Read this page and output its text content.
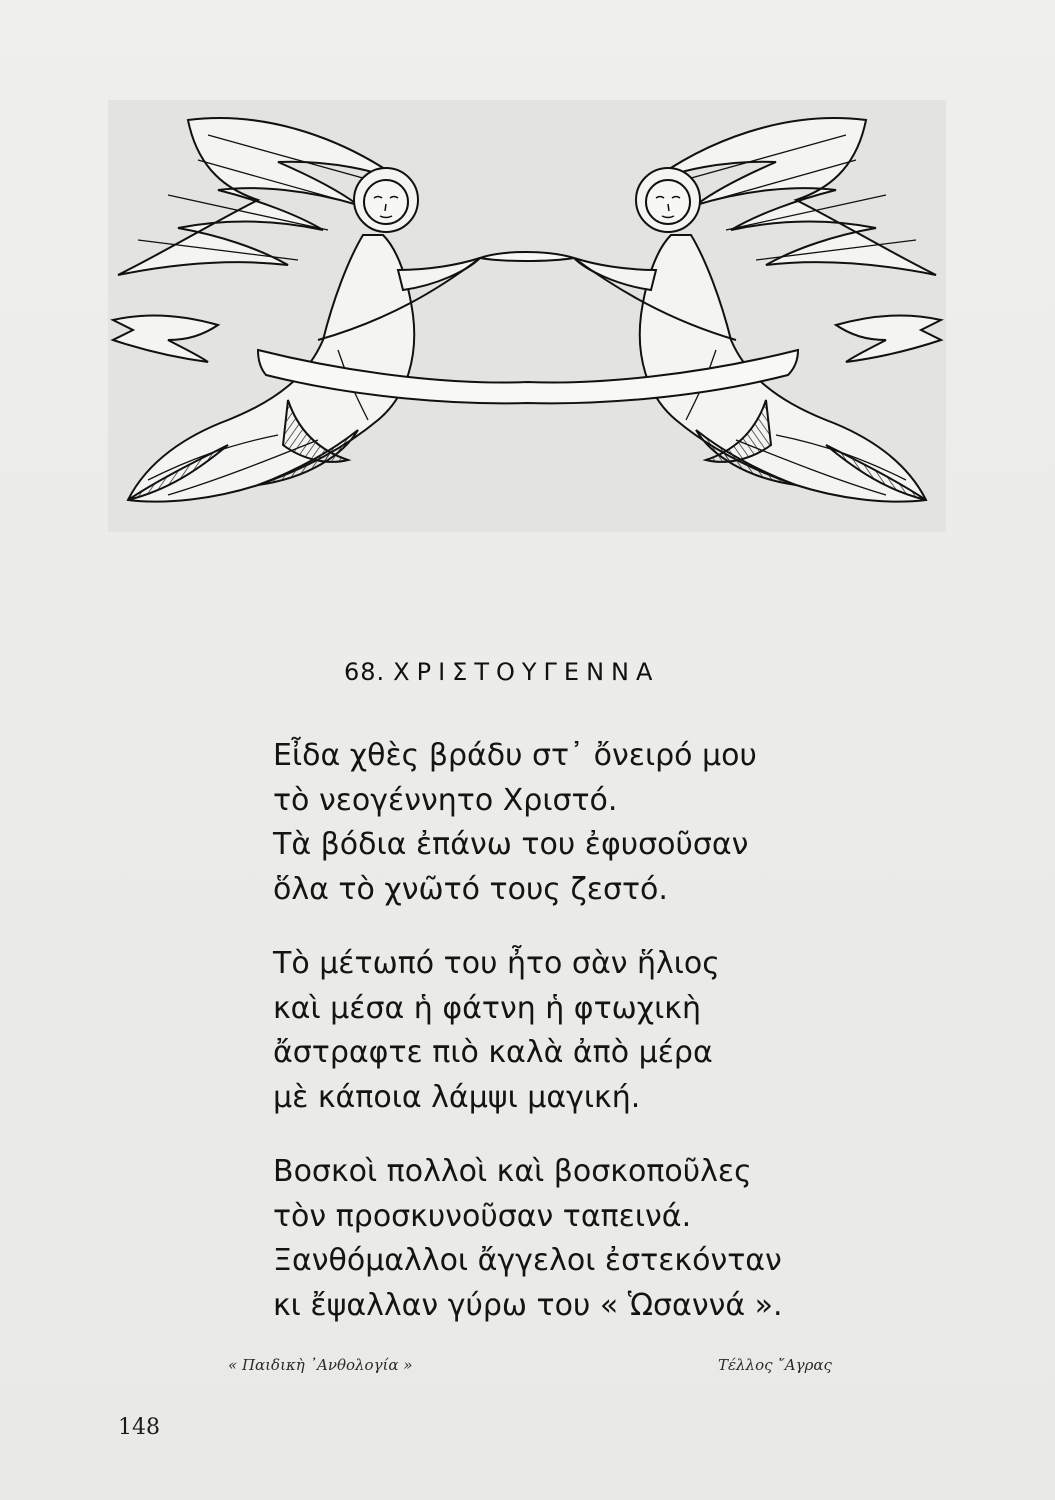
68. ΧΡΙΣΤΟΥΓΕΝΝΑ
Εἶδα χθὲς βράδυ στ᾿ ὄνειρό μου
τὸ νεογέννητο Χριστό.
Τὰ βόδια ἐπάνω του ἐφυσοῦσαν
ὅλα τὸ χνῶτό τους ζεστό.
Τὸ μέτωπό του ἦτο σὰν ἥλιος
καὶ μέσα ἡ φάτνη ἡ φτωχικὴ
ἄστραφτε πιὸ καλὰ ἀπὸ μέρα
μὲ κάποια λάμψι μαγική.
Βοσκοὶ πολλοὶ καὶ βοσκοποῦλες
τὸν προσκυνοῦσαν ταπεινά.
Ξανθόμαλλοι ἄγγελοι ἐστεκόνταν
κι ἔψαλλαν γύρω του « Ὡσαννά ».
« Παιδικὴ ᾿Ανθολογία »	Τέλλος ῎Αγρας
148
